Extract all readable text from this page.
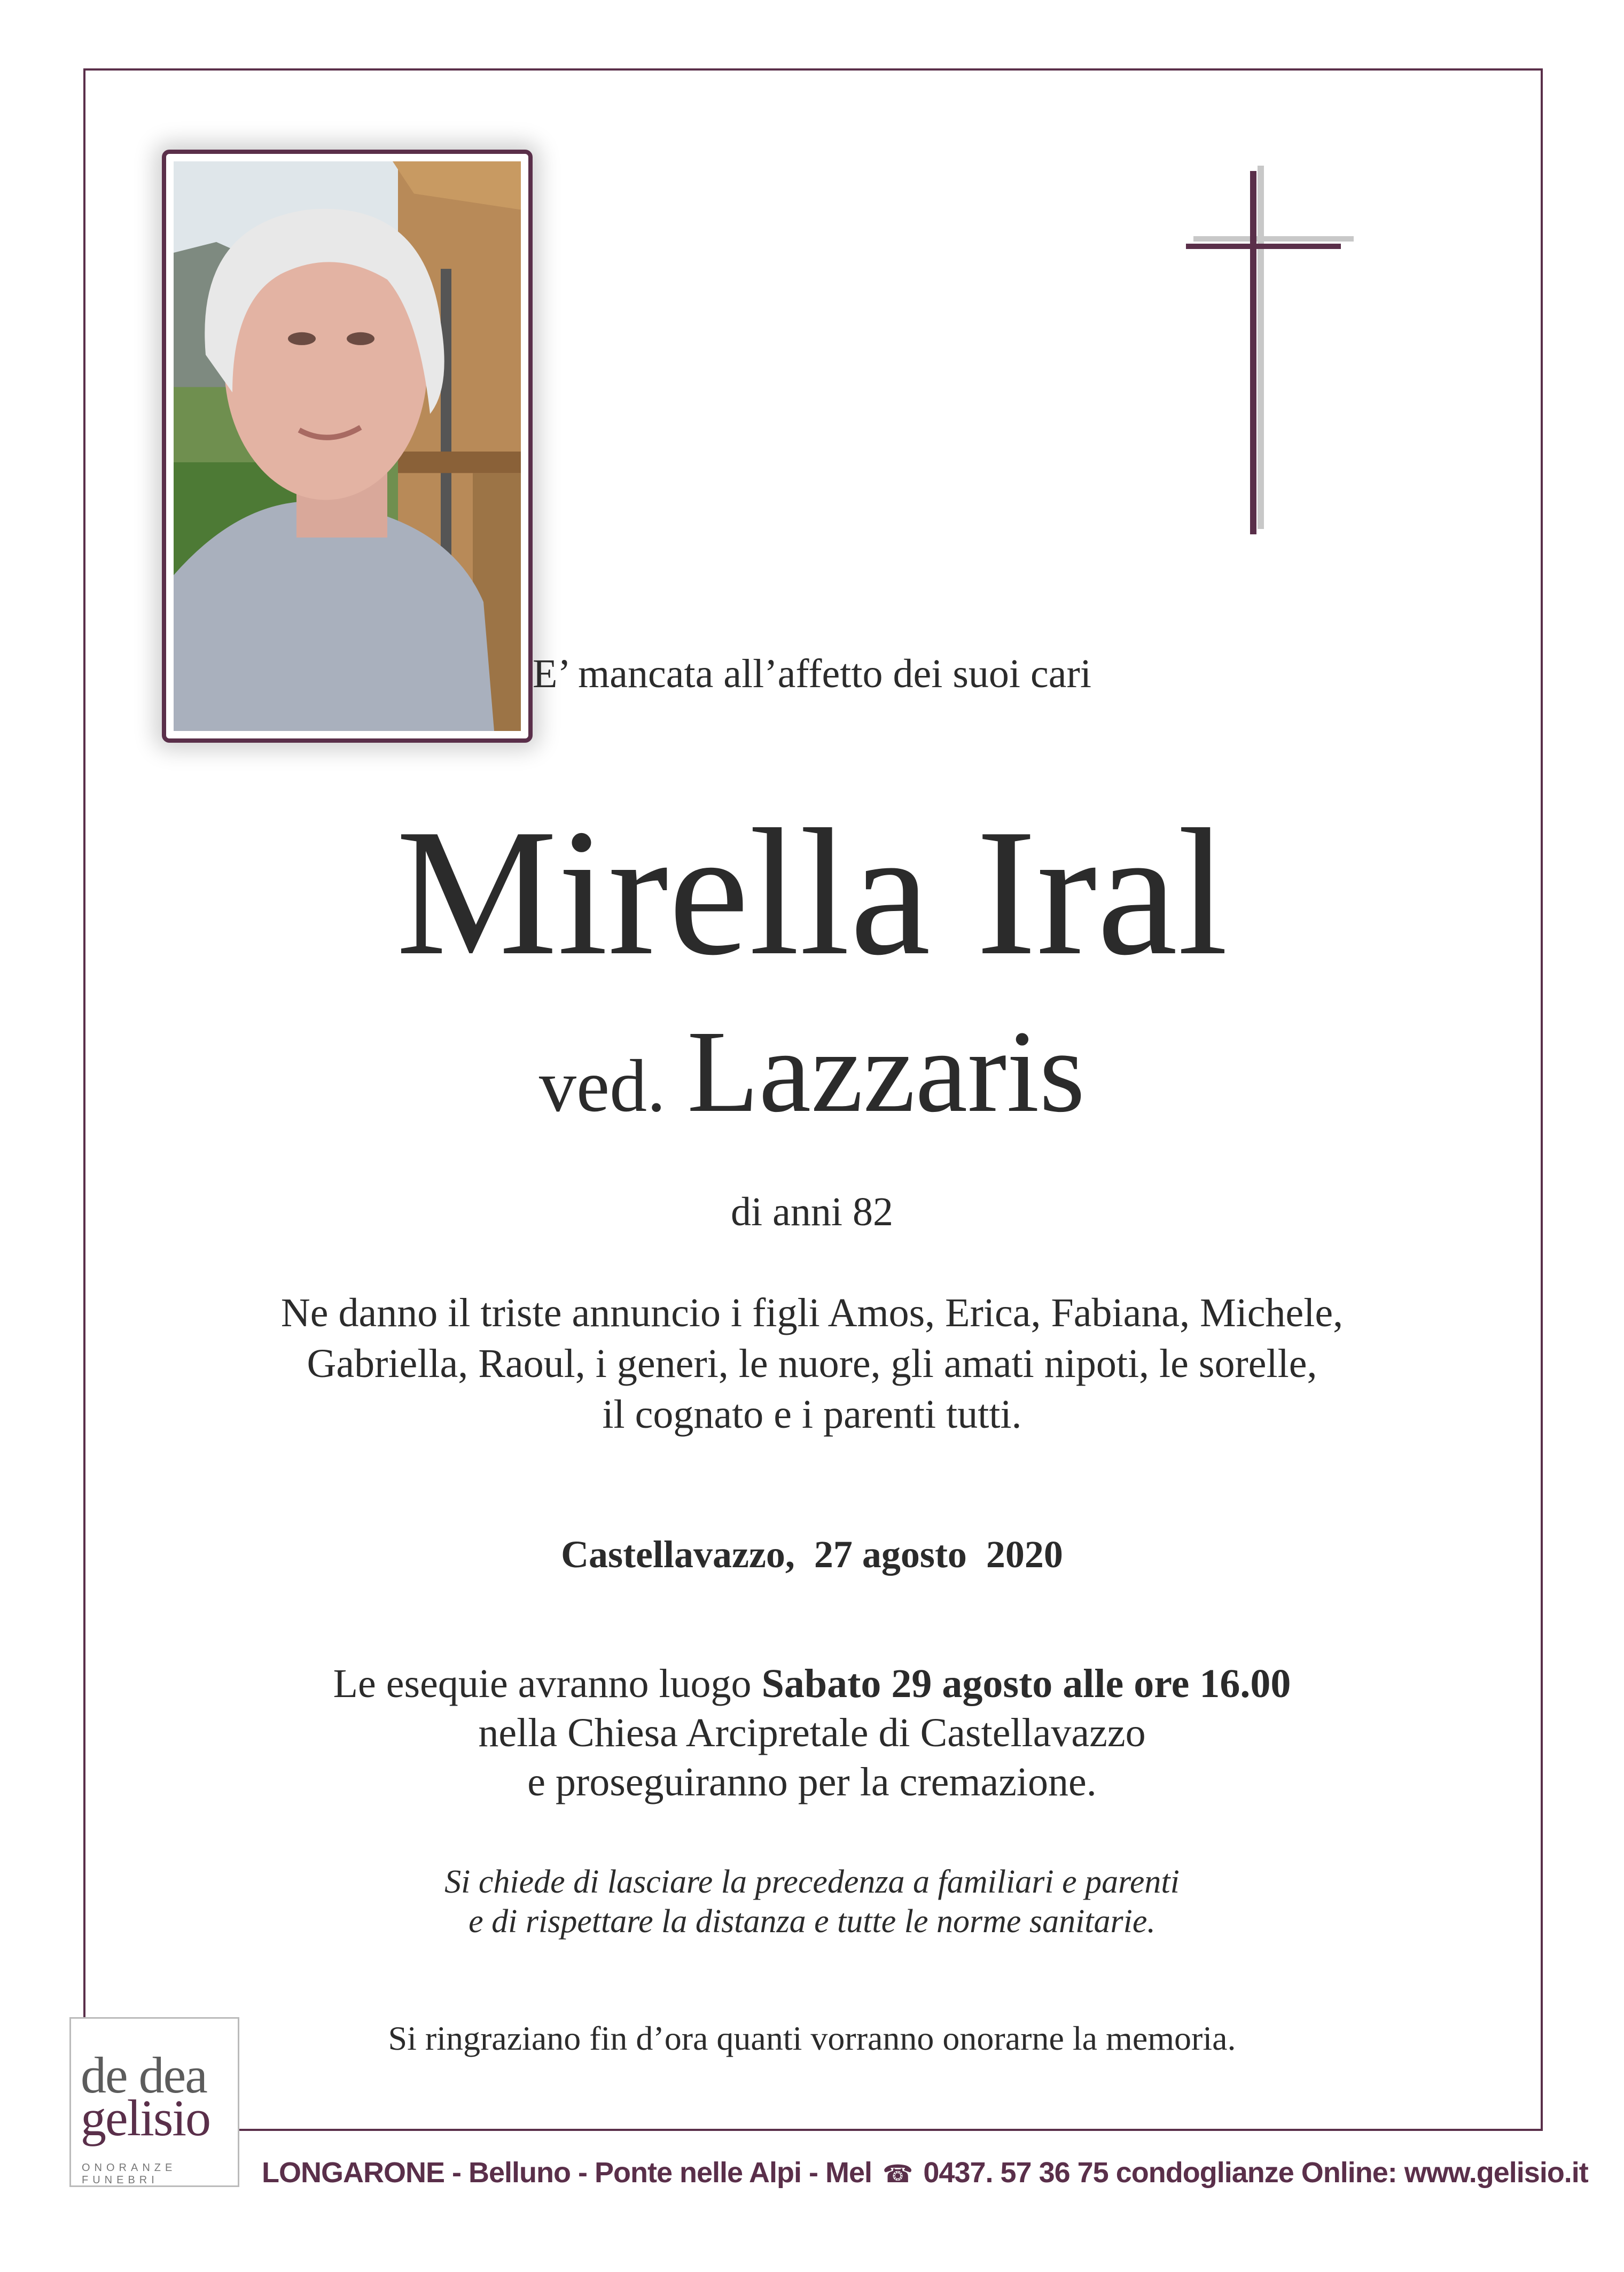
E’ mancata all’affetto dei suoi cari
Mirella Iral
ved. Lazzaris
di anni 82
Ne danno il triste annuncio i figli Amos, Erica, Fabiana, Michele,
Gabriella, Raoul, i generi, le nuore, gli amati nipoti, le sorelle,
il cognato e i parenti tutti.
Castellavazzo,  27 agosto  2020
Le esequie avranno luogo Sabato 29 agosto alle ore 16.00
nella Chiesa Arcipretale di Castellavazzo
e proseguiranno per la cremazione.
Si chiede di lasciare la precedenza a familiari e parenti
e di rispettare la distanza e tutte le norme sanitarie.
Si ringraziano fin d’ora quanti vorranno onorarne la memoria.
de dea
gelisio
ONORANZE FUNEBRI	LONGARONE - Belluno - Ponte nelle Alpi - Mel ☎ 0437. 57 36 75 condoglianze Online: www.gelisio.it
